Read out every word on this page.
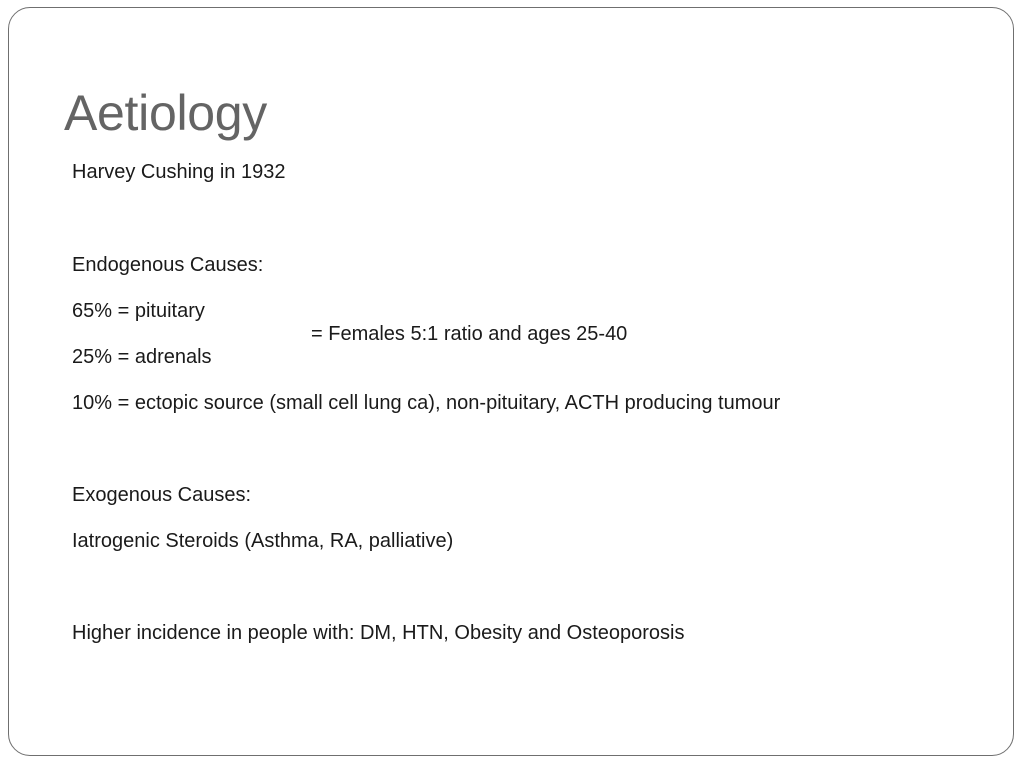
Aetiology
Harvey Cushing in 1932
Endogenous Causes:
65% = pituitary
= Females 5:1 ratio and ages 25-40
25% = adrenals
10% = ectopic source (small cell lung ca), non-pituitary, ACTH producing tumour
Exogenous Causes:
Iatrogenic Steroids (Asthma, RA, palliative)
Higher incidence in people with: DM, HTN, Obesity and Osteoporosis
